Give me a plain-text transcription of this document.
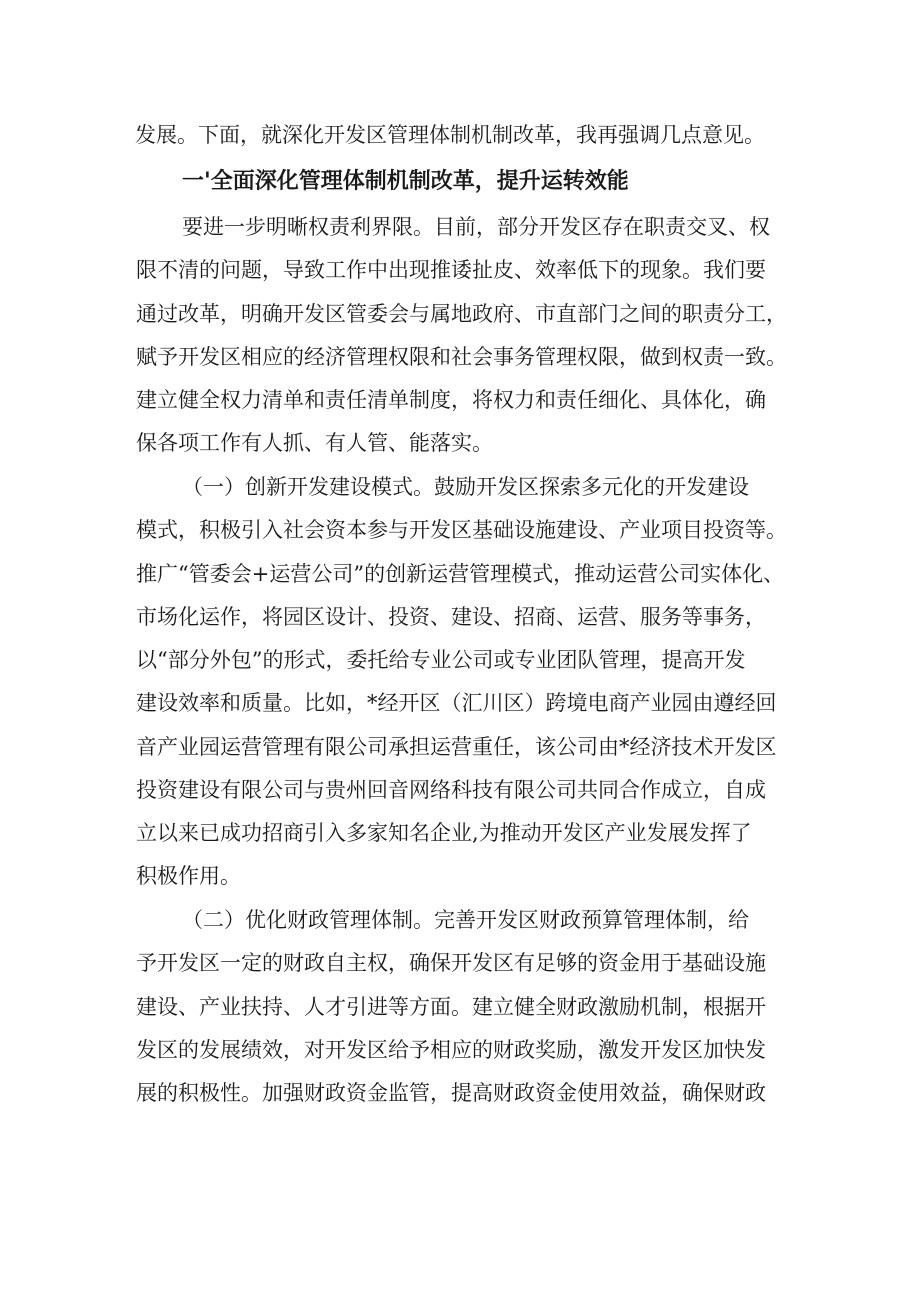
发展。下面，就深化开发区管理体制机制改革，我再强调几点意见。
一'全面深化管理体制机制改革，提升运转效能
要进一步明晰权责利界限。目前，部分开发区存在职责交叉、权
限不清的问题，导致工作中出现推诿扯皮、效率低下的现象。我们要
通过改革，明确开发区管委会与属地政府、市直部门之间的职责分工，
赋予开发区相应的经济管理权限和社会事务管理权限，做到权责一致。
建立健全权力清单和责任清单制度，将权力和责任细化、具体化，确
保各项工作有人抓、有人管、能落实。
（一）创新开发建设模式。鼓励开发区探索多元化的开发建设
模式，积极引入社会资本参与开发区基础设施建设、产业项目投资等。
推广“管委会+运营公司”的创新运营管理模式，推动运营公司实体化、
市场化运作，将园区设计、投资、建设、招商、运营、服务等事务，
以“部分外包”的形式，委托给专业公司或专业团队管理，提高开发
建设效率和质量。比如，*经开区（汇川区）跨境电商产业园由遵经回
音产业园运营管理有限公司承担运营重任，该公司由*经济技术开发区
投资建设有限公司与贵州回音网络科技有限公司共同合作成立，自成
立以来已成功招商引入多家知名企业,为推动开发区产业发展发挥了
积极作用。
（二）优化财政管理体制。完善开发区财政预算管理体制，给
予开发区一定的财政自主权，确保开发区有足够的资金用于基础设施
建设、产业扶持、人才引进等方面。建立健全财政激励机制，根据开
发区的发展绩效，对开发区给予相应的财政奖励，激发开发区加快发
展的积极性。加强财政资金监管，提高财政资金使用效益，确保财政
